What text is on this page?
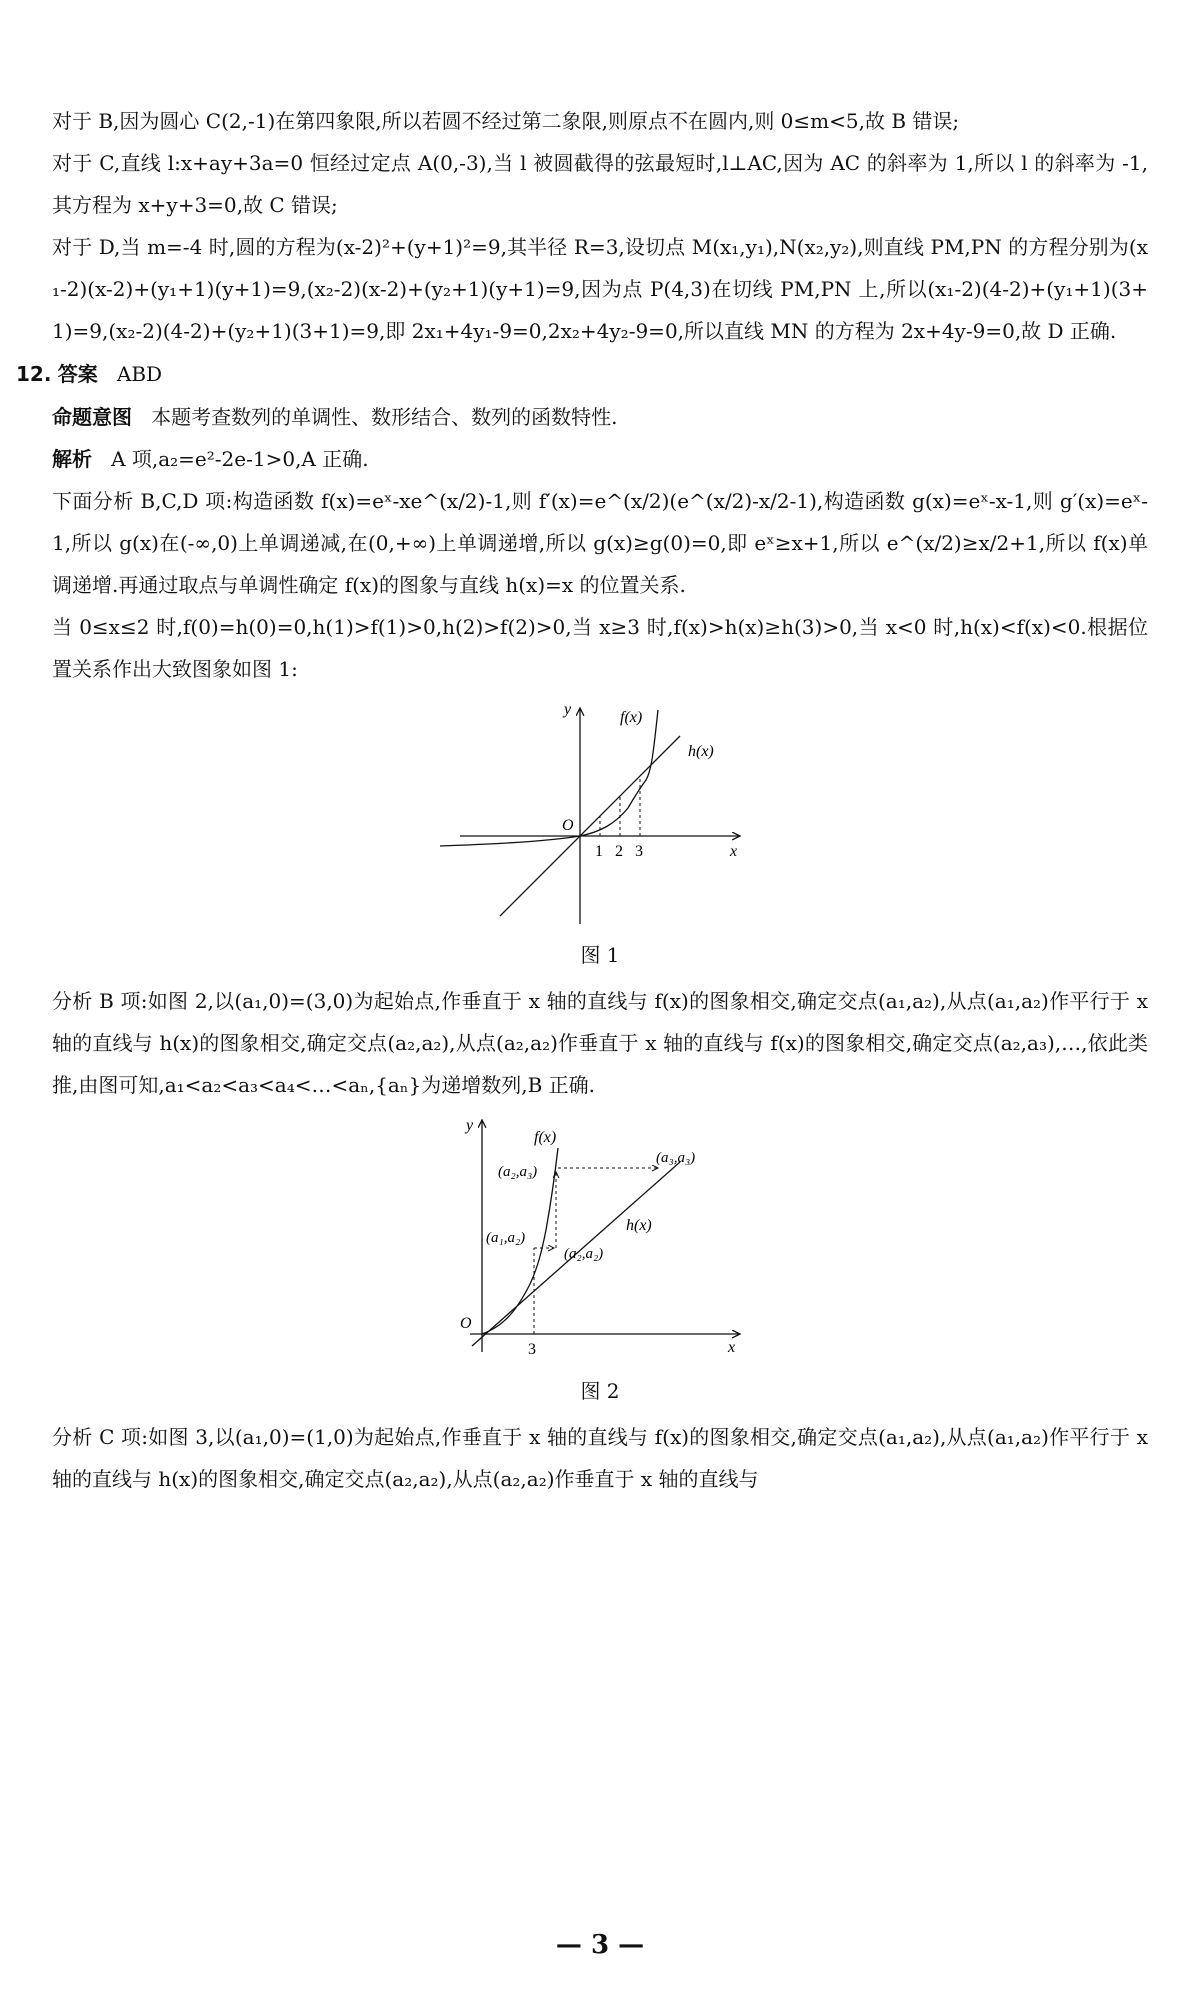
对于 B,因为圆心 C(2,-1)在第四象限,所以若圆不经过第二象限,则原点不在圆内,则 0≤m<5,故 B 错误;

对于 C,直线 l:x+ay+3a=0 恒经过定点 A(0,-3),当 l 被圆截得的弦最短时,l⊥AC,因为 AC 的斜率为 1,所以 l 的斜率为 -1,其方程为 x+y+3=0,故 C 错误;

对于 D,当 m=-4 时,圆的方程为(x-2)²+(y+1)²=9,其半径 R=3,设切点 M(x₁,y₁),N(x₂,y₂),则直线 PM,PN 的方程分别为(x₁-2)(x-2)+(y₁+1)(y+1)=9,(x₂-2)(x-2)+(y₂+1)(y+1)=9,因为点 P(4,3)在切线 PM,PN 上,所以(x₁-2)(4-2)+(y₁+1)(3+1)=9,(x₂-2)(4-2)+(y₂+1)(3+1)=9,即 2x₁+4y₁-9=0,2x₂+4y₂-9=0,所以直线 MN 的方程为 2x+4y-9=0,故 D 正确.

12. 答案 ABD

命题意图 本题考查数列的单调性、数形结合、数列的函数特性.

解析 A 项,a₂=e²-2e-1>0,A 正确.

下面分析 B,C,D 项:构造函数 f(x)=eˣ-xe^(x/2)-1,则 f′(x)=e^(x/2)(e^(x/2)-x/2-1),构造函数 g(x)=eˣ-x-1,则 g′(x)=eˣ-1,所以 g(x)在(-∞,0)上单调递减,在(0,+∞)上单调递增,所以 g(x)≥g(0)=0,即 eˣ≥x+1,所以 e^(x/2)≥x/2+1,所以 f(x)单调递增.再通过取点与单调性确定 f(x)的图象与直线 h(x)=x 的位置关系.

当 0≤x≤2 时,f(0)=h(0)=0,h(1)>f(1)>0,h(2)>f(2)>0,当 x≥3 时,f(x)>h(x)≥h(3)>0,当 x<0 时,h(x)<f(x)<0.根据位置关系作出大致图象如图 1:

y
x
O
f(x)
h(x)
1 2 3
图 1

分析 B 项:如图 2,以(a₁,0)=(3,0)为起始点,作垂直于 x 轴的直线与 f(x)的图象相交,确定交点(a₁,a₂),从点(a₁,a₂)作平行于 x 轴的直线与 h(x)的图象相交,确定交点(a₂,a₂),从点(a₂,a₂)作垂直于 x 轴的直线与 f(x)的图象相交,确定交点(a₂,a₃),…,依此类推,由图可知,a₁<a₂<a₃<a₄<…<aₙ,{aₙ}为递增数列,B 正确.

y
x
O
f(x)
h(x)
3
(a₂,a₃)
(a₃,a₃)
(a₁,a₂)
(a₂,a₂)
图 2

分析 C 项:如图 3,以(a₁,0)=(1,0)为起始点,作垂直于 x 轴的直线与 f(x)的图象相交,确定交点(a₁,a₂),从点(a₁,a₂)作平行于 x 轴的直线与 h(x)的图象相交,确定交点(a₂,a₂),从点(a₂,a₂)作垂直于 x 轴的直线与

— 3 —
